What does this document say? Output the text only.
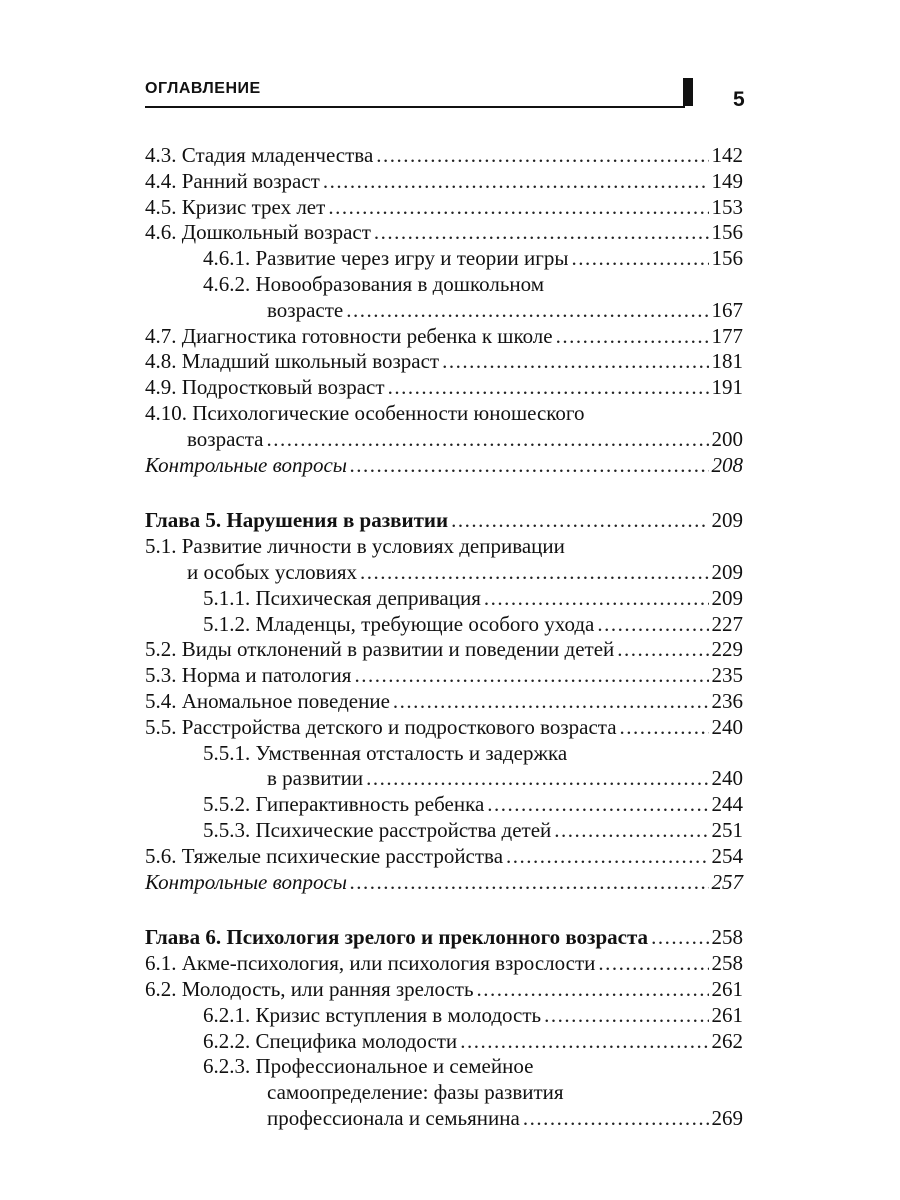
ОГЛАВЛЕНИЕ	5
4.3. Стадия младенчества .....	142
4.4. Ранний возраст .....	149
4.5. Кризис трех лет .....	153
4.6. Дошкольный возраст .....	156
4.6.1. Развитие через игру и теории игры .....	156
4.6.2. Новообразования в дошкольном
возрасте .....	167
4.7. Диагностика готовности ребенка к школе .....	177
4.8. Младший школьный возраст .....	181
4.9. Подростковый возраст .....	191
4.10. Психологические особенности юношеского
возраста .....	200
Контрольные вопросы .....	208
Глава 5. Нарушения в развитии .....	209
5.1. Развитие личности в условиях депривации
и особых условиях .....	209
5.1.1. Психическая депривация .....	209
5.1.2. Младенцы, требующие особого ухода .....	227
5.2. Виды отклонений в развитии и поведении детей .....	229
5.3. Норма и патология .....	235
5.4. Аномальное поведение .....	236
5.5. Расстройства детского и подросткового возраста .....	240
5.5.1. Умственная отсталость и задержка
в развитии .....	240
5.5.2. Гиперактивность ребенка .....	244
5.5.3. Психические расстройства детей .....	251
5.6. Тяжелые психические расстройства .....	254
Контрольные вопросы .....	257
Глава 6. Психология зрелого и преклонного возраста .....	258
6.1. Акме-психология, или психология взрослости .....	258
6.2. Молодость, или ранняя зрелость .....	261
6.2.1. Кризис вступления в молодость .....	261
6.2.2. Специфика молодости .....	262
6.2.3. Профессиональное и семейное
самоопределение: фазы развития
профессионала и семьянина .....	269
